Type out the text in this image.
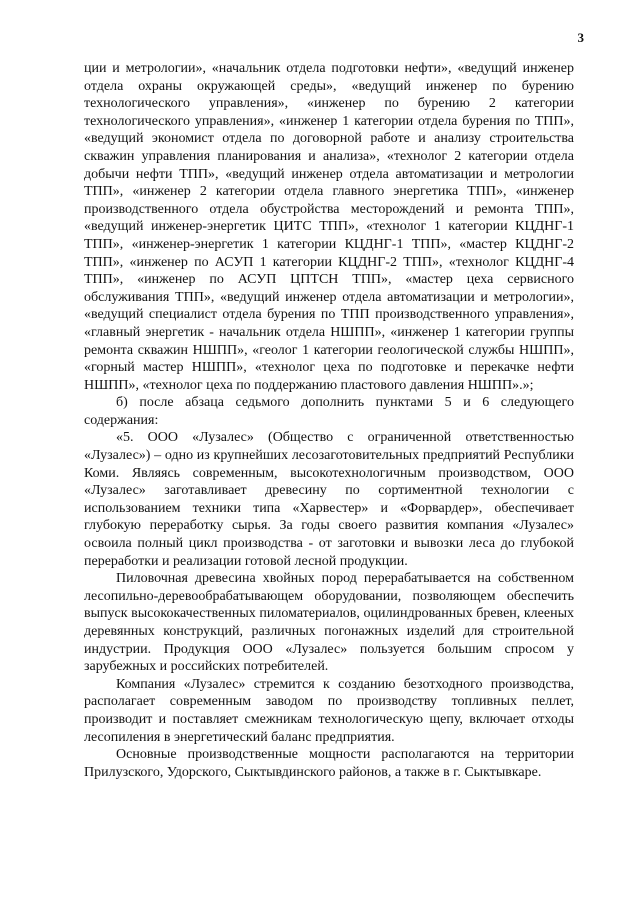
3

ции и метрологии», «начальник отдела подготовки нефти», «ведущий инженер отдела охраны окружающей среды», «ведущий инженер по бурению технологического управления», «инженер по бурению 2 категории технологического управления», «инженер 1 категории отдела бурения по ТПП», «ведущий экономист отдела по договорной работе и анализу строительства скважин управления планирования и анализа», «технолог 2 категории отдела добычи нефти ТПП», «ведущий инженер отдела автоматизации и метрологии ТПП», «инженер 2 категории отдела главного энергетика ТПП», «инженер производственного отдела обустройства месторождений и ремонта ТПП», «ведущий инженер-энергетик ЦИТС ТПП», «технолог 1 категории КЦДНГ-1 ТПП», «инженер-энергетик 1 категории КЦДНГ-1 ТПП», «мастер КЦДНГ-2 ТПП», «инженер по АСУП 1 категории КЦДНГ-2 ТПП», «технолог КЦДНГ-4 ТПП», «инженер по АСУП ЦПТСН ТПП», «мастер цеха сервисного обслуживания ТПП», «ведущий инженер отдела автоматизации и метрологии», «ведущий специалист отдела бурения по ТПП производственного управления», «главный энергетик - начальник отдела НШПП», «инженер 1 категории группы ремонта скважин НШПП», «геолог 1 категории геологической службы НШПП», «горный мастер НШПП», «технолог цеха по подготовке и перекачке нефти НШПП», «технолог цеха по поддержанию пластового давления НШПП».»;

б) после абзаца седьмого дополнить пунктами 5 и 6 следующего содержания:

«5. ООО «Лузалес» (Общество с ограниченной ответственностью «Лузалес») – одно из крупнейших лесозаготовительных предприятий Республики Коми. Являясь современным, высокотехнологичным производством, ООО «Лузалес» заготавливает древесину по сортиментной технологии с использованием техники типа «Харвестер» и «Форвардер», обеспечивает глубокую переработку сырья. За годы своего развития компания «Лузалес» освоила полный цикл производства - от заготовки и вывозки леса до глубокой переработки и реализации готовой лесной продукции.

Пиловочная древесина хвойных пород перерабатывается на собственном лесопильно-деревообрабатывающем оборудовании, позволяющем обеспечить выпуск высококачественных пиломатериалов, оцилиндрованных бревен, клееных деревянных конструкций, различных погонажных изделий для строительной индустрии. Продукция ООО «Лузалес» пользуется большим спросом у зарубежных и российских потребителей.

Компания «Лузалес» стремится к созданию безотходного производства, располагает современным заводом по производству топливных пеллет, производит и поставляет смежникам технологическую щепу, включает отходы лесопиления в энергетический баланс предприятия.

Основные производственные мощности располагаются на территории Прилузского, Удорского, Сыктывдинского районов, а также в г. Сыктывкаре.
